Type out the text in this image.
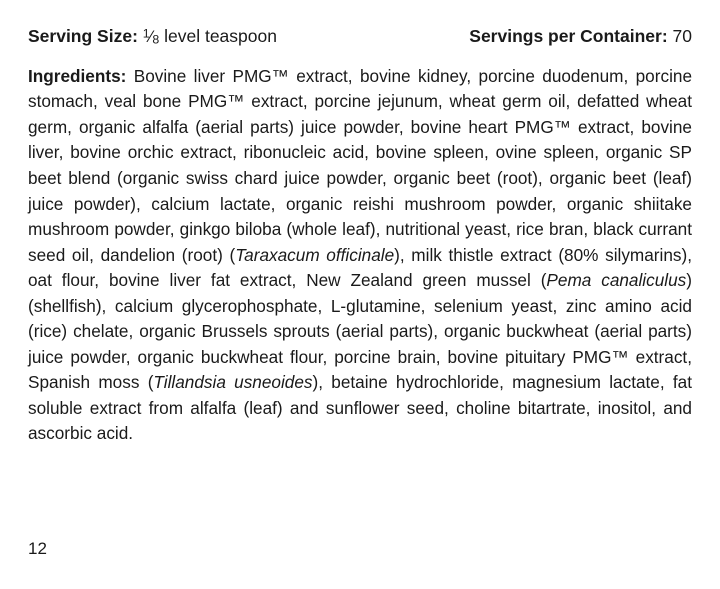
Serving Size: $^1⁄_8$ level teaspoon	Servings per Container: 70

Ingredients: Bovine liver PMG™ extract, bovine kidney, porcine duodenum, porcine stomach, veal bone PMG™ extract, porcine jejunum, wheat germ oil, defatted wheat germ, organic alfalfa (aerial parts) juice powder, bovine heart PMG™ extract, bovine liver, bovine orchic extract, ribonucleic acid, bovine spleen, ovine spleen, organic SP beet blend (organic swiss chard juice powder, organic beet (root), organic beet (leaf) juice powder), calcium lactate, organic reishi mushroom powder, organic shiitake mushroom powder, ginkgo biloba (whole leaf), nutritional yeast, rice bran, black currant seed oil, dandelion (root) (Taraxacum officinale), milk thistle extract (80% silymarins), oat flour, bovine liver fat extract, New Zealand green mussel (Pema canaliculus)(shellfish), calcium glycerophosphate, L-glutamine, selenium yeast, zinc amino acid (rice) chelate, organic Brussels sprouts (aerial parts), organic buckwheat (aerial parts) juice powder, organic buckwheat flour, porcine brain, bovine pituitary PMG™ extract, Spanish moss (Tillandsia usneoides), betaine hydrochloride, magnesium lactate, fat soluble extract from alfalfa (leaf) and sunflower seed, choline bitartrate, inositol, and ascorbic acid.

12
